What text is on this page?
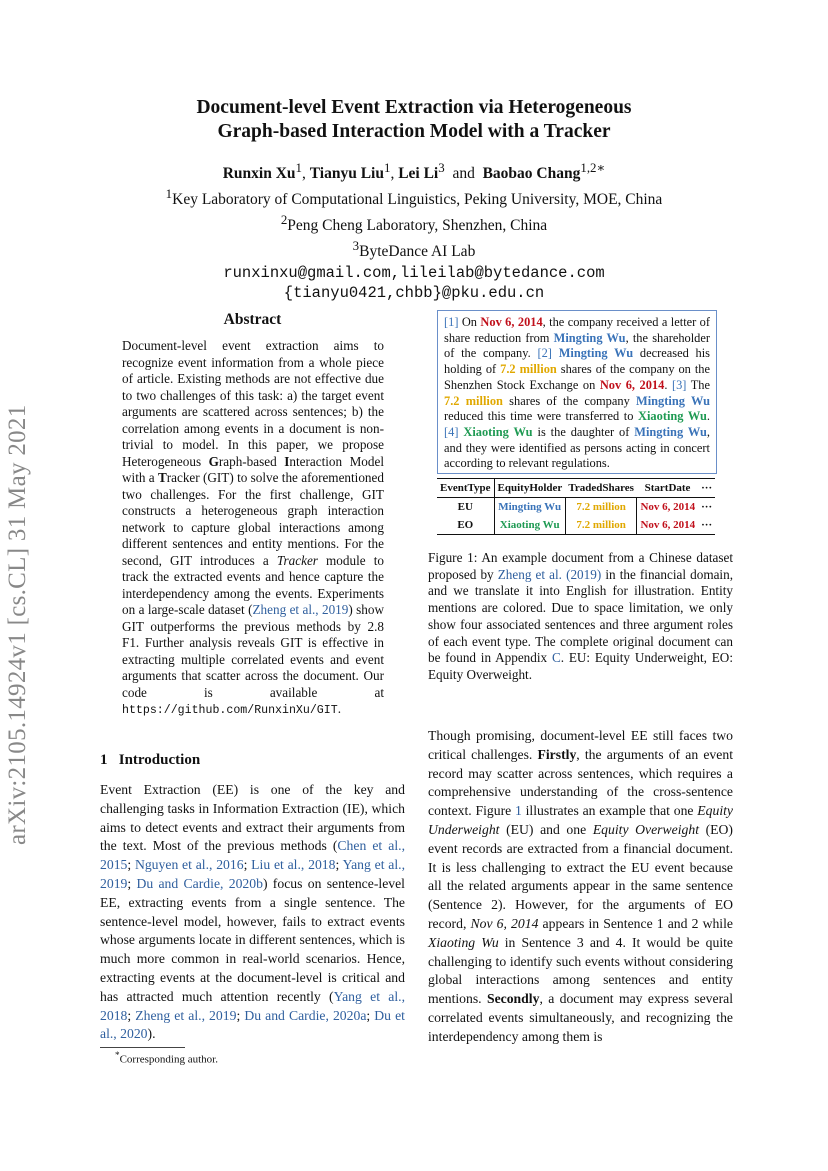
Document-level Event Extraction via Heterogeneous
Graph-based Interaction Model with a Tracker
Runxin Xu$^1$, Tianyu Liu$^1$, Lei Li$^3$ and Baobao Chang$^{1,2∗}$
$^1$Key Laboratory of Computational Linguistics, Peking University, MOE, China
$^2$Peng Cheng Laboratory, Shenzhen, China
$^3$ByteDance AI Lab
runxinxu@gmail.com,lileilab@bytedance.com
{tianyu0421,chbb}@pku.edu.cn
arXiv:2105.14924v1 [cs.CL] 31 May 2021
Abstract
Document-level event extraction aims to recognize event information from a whole piece of article. Existing methods are not effective due to two challenges of this task: a) the target event arguments are scattered across sentences; b) the correlation among events in a document is non-trivial to model. In this paper, we propose Heterogeneous Graph-based Interaction Model with a Tracker (GIT) to solve the aforementioned two challenges. For the first challenge, GIT constructs a heterogeneous graph interaction network to capture global interactions among different sentences and entity mentions. For the second, GIT introduces a Tracker module to track the extracted events and hence capture the interdependency among the events. Experiments on a large-scale dataset (Zheng et al., 2019) show GIT outperforms the previous methods by 2.8 F1. Further analysis reveals GIT is effective in extracting multiple correlated events and event arguments that scatter across the document. Our code is available at https://github.com/RunxinXu/GIT.
1 Introduction
Event Extraction (EE) is one of the key and challenging tasks in Information Extraction (IE), which aims to detect events and extract their arguments from the text. Most of the previous methods (Chen et al., 2015; Nguyen et al., 2016; Liu et al., 2018; Yang et al., 2019; Du and Cardie, 2020b) focus on sentence-level EE, extracting events from a single sentence. The sentence-level model, however, fails to extract events whose arguments locate in different sentences, which is much more common in real-world scenarios. Hence, extracting events at the document-level is critical and has attracted much attention recently (Yang et al., 2018; Zheng et al., 2019; Du and Cardie, 2020a; Du et al., 2020).
*Corresponding author.
[1] On Nov 6, 2014, the company received a letter of share reduction from Mingting Wu, the shareholder of the company. [2] Mingting Wu decreased his holding of 7.2 million shares of the company on the Shenzhen Stock Exchange on Nov 6, 2014. [3] The 7.2 million shares of the company Mingting Wu reduced this time were transferred to Xiaoting Wu. [4] Xiaoting Wu is the daughter of Mingting Wu, and they were identified as persons acting in concert according to relevant regulations.
EventType	EquityHolder	TradedShares	StartDate	···
EU	Mingting Wu	7.2 million	Nov 6, 2014	···
EO	Xiaoting Wu	7.2 million	Nov 6, 2014	···
Figure 1: An example document from a Chinese dataset proposed by Zheng et al. (2019) in the financial domain, and we translate it into English for illustration. Entity mentions are colored. Due to space limitation, we only show four associated sentences and three argument roles of each event type. The complete original document can be found in Appendix C. EU: Equity Underweight, EO: Equity Overweight.
Though promising, document-level EE still faces two critical challenges. Firstly, the arguments of an event record may scatter across sentences, which requires a comprehensive understanding of the cross-sentence context. Figure 1 illustrates an example that one Equity Underweight (EU) and one Equity Overweight (EO) event records are extracted from a financial document. It is less challenging to extract the EU event because all the related arguments appear in the same sentence (Sentence 2). However, for the arguments of EO record, Nov 6, 2014 appears in Sentence 1 and 2 while Xiaoting Wu in Sentence 3 and 4. It would be quite challenging to identify such events without considering global interactions among sentences and entity mentions. Secondly, a document may express several correlated events simultaneously, and recognizing the interdependency among them is
